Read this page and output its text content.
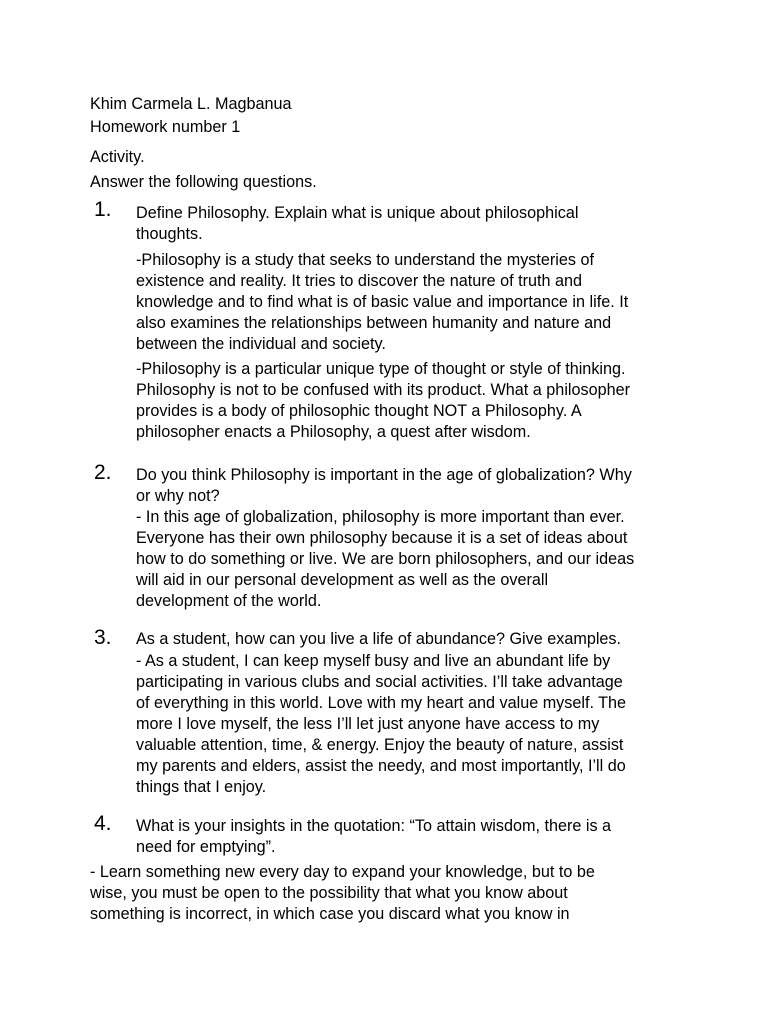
Khim Carmela L. Magbanua
Homework number 1
Activity.
Answer the following questions.
1. Define Philosophy. Explain what is unique about philosophical
thoughts.
-Philosophy is a study that seeks to understand the mysteries of
existence and reality. It tries to discover the nature of truth and
knowledge and to find what is of basic value and importance in life. It
also examines the relationships between humanity and nature and
between the individual and society.
-Philosophy is a particular unique type of thought or style of thinking.
Philosophy is not to be confused with its product. What a philosopher
provides is a body of philosophic thought NOT a Philosophy. A
philosopher enacts a Philosophy, a quest after wisdom.
2. Do you think Philosophy is important in the age of globalization? Why
or why not?
- In this age of globalization, philosophy is more important than ever.
Everyone has their own philosophy because it is a set of ideas about
how to do something or live. We are born philosophers, and our ideas
will aid in our personal development as well as the overall
development of the world.
3. As a student, how can you live a life of abundance? Give examples.
- As a student, I can keep myself busy and live an abundant life by
participating in various clubs and social activities. I’ll take advantage
of everything in this world. Love with my heart and value myself. The
more I love myself, the less I’ll let just anyone have access to my
valuable attention, time, & energy. Enjoy the beauty of nature, assist
my parents and elders, assist the needy, and most importantly, I’ll do
things that I enjoy.
4. What is your insights in the quotation: “To attain wisdom, there is a
need for emptying”.
- Learn something new every day to expand your knowledge, but to be
wise, you must be open to the possibility that what you know about
something is incorrect, in which case you discard what you know in
